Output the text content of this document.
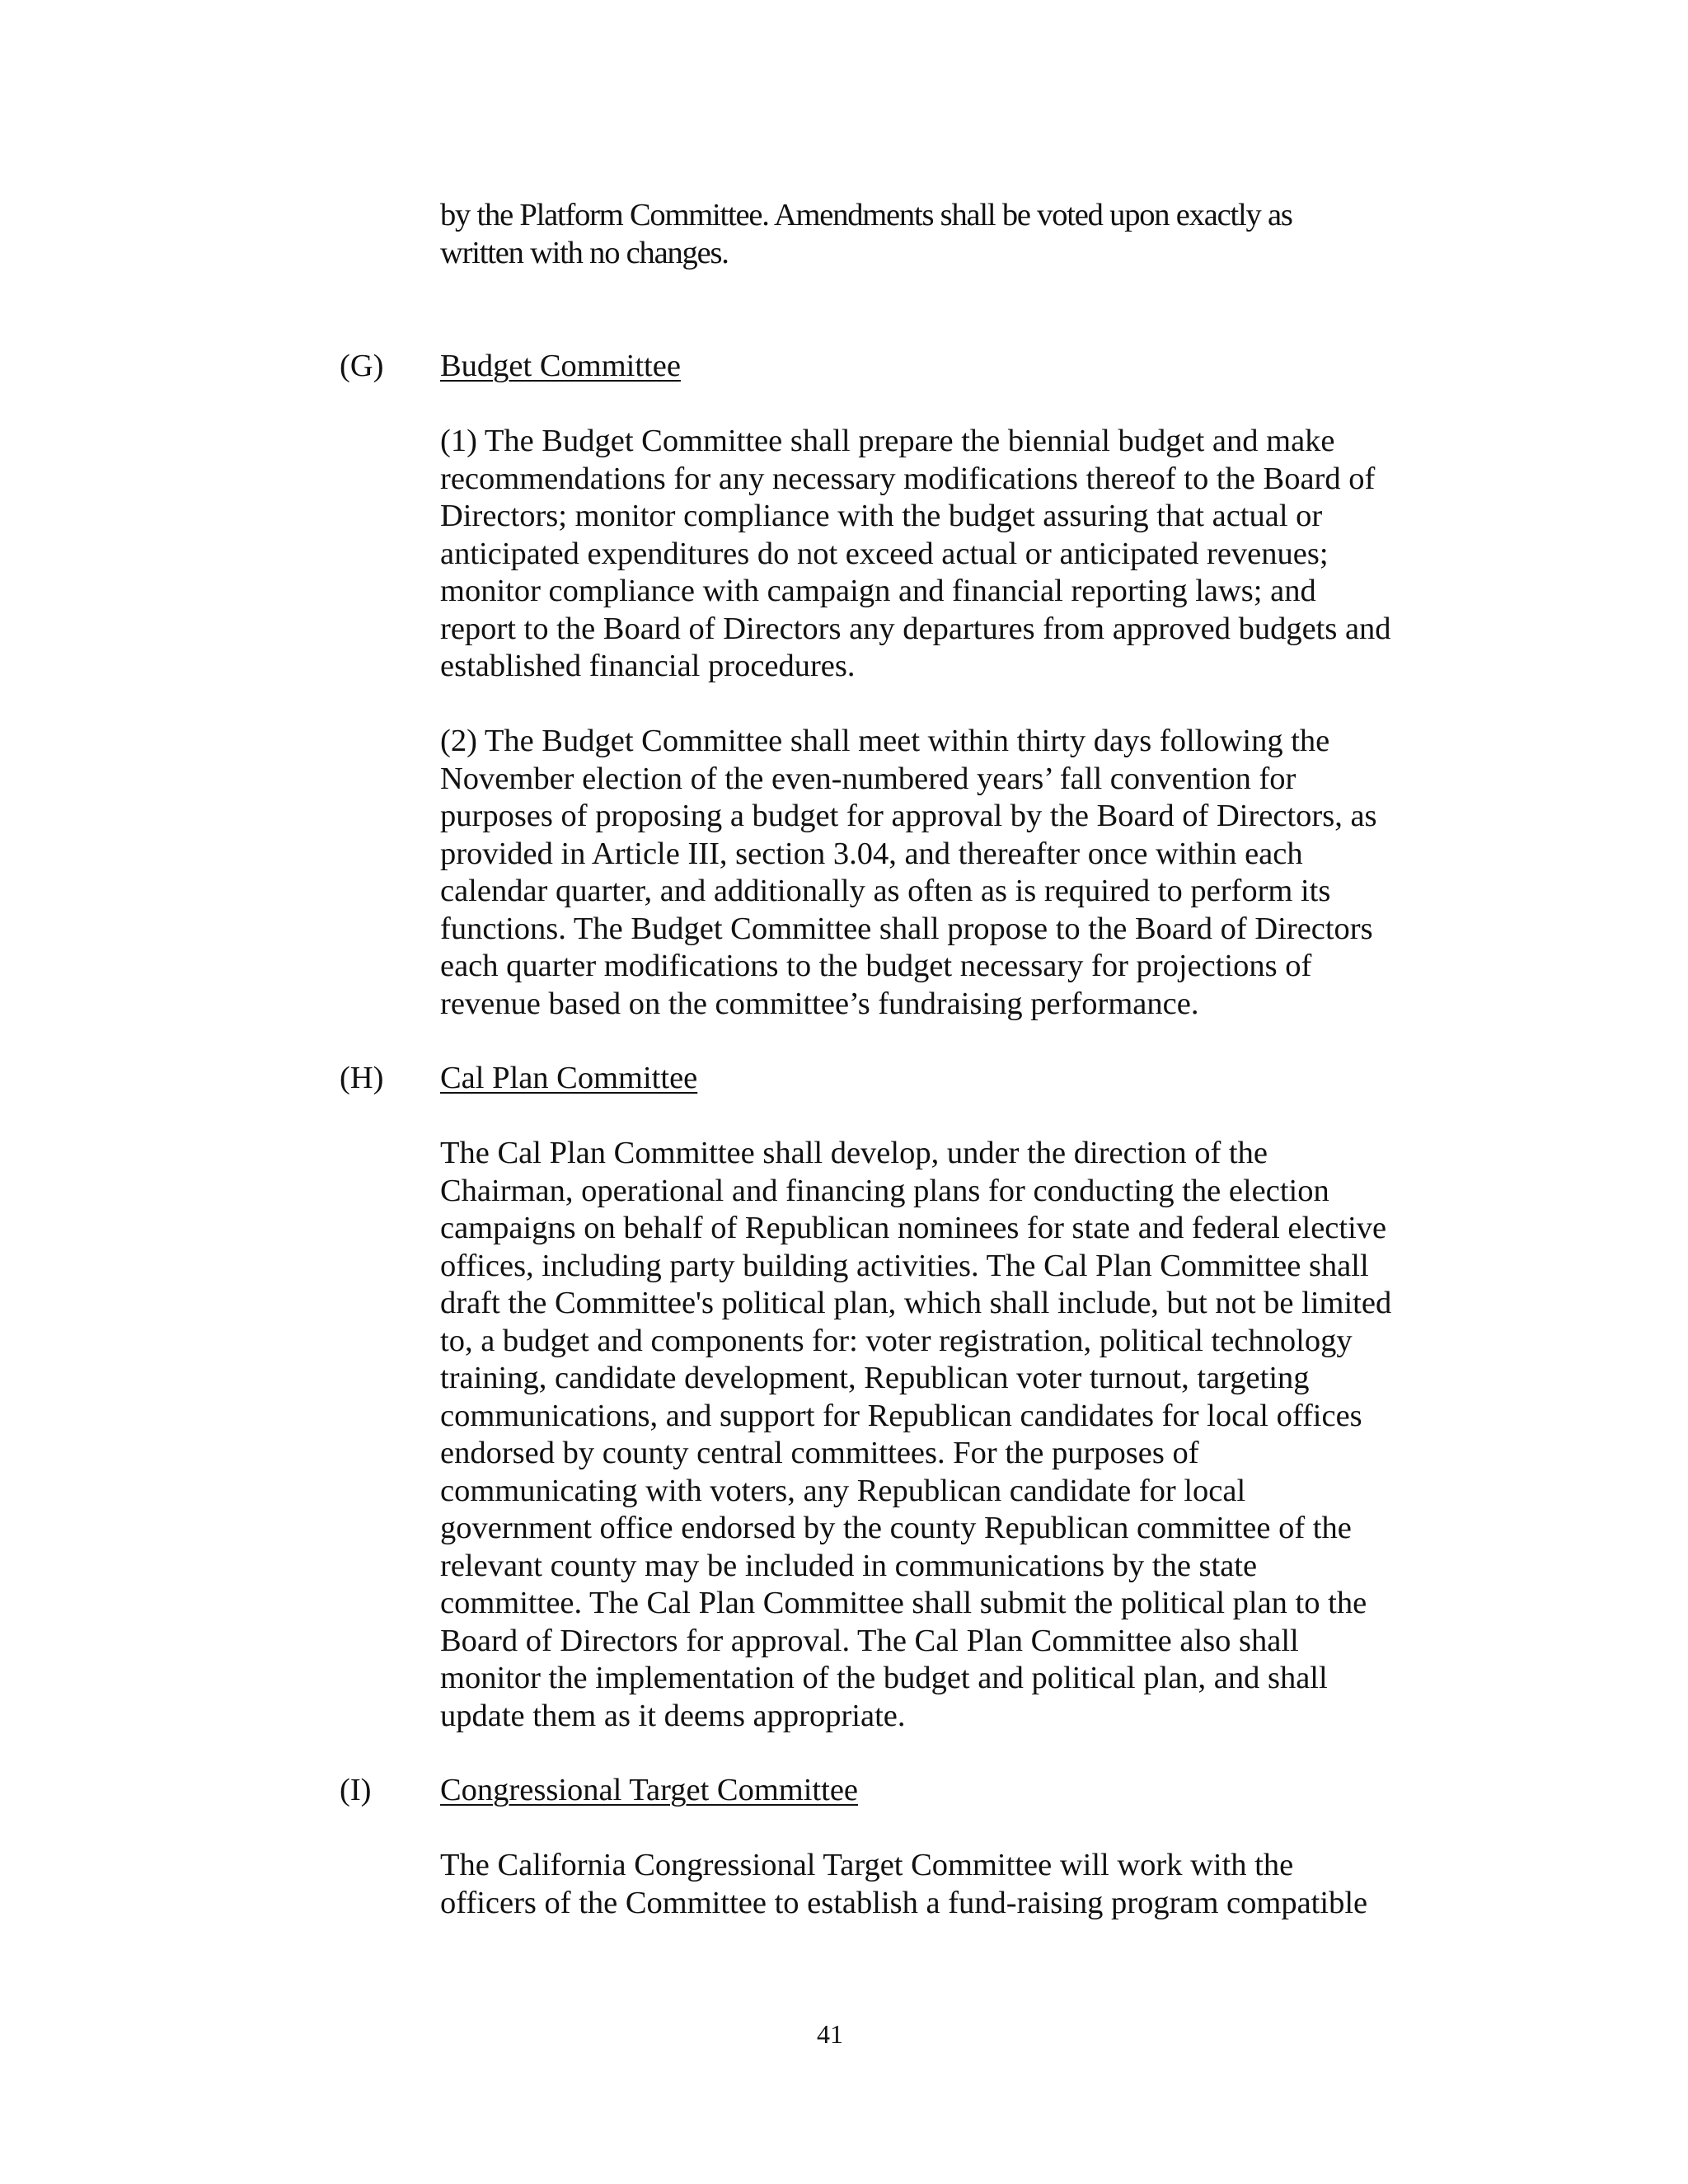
by the Platform Committee. Amendments shall be voted upon exactly as
written with no changes.
(G) Budget Committee
(1) The Budget Committee shall prepare the biennial budget and make
recommendations for any necessary modifications thereof to the Board of
Directors; monitor compliance with the budget assuring that actual or
anticipated expenditures do not exceed actual or anticipated revenues;
monitor compliance with campaign and financial reporting laws; and
report to the Board of Directors any departures from approved budgets and
established financial procedures.
(2) The Budget Committee shall meet within thirty days following the
November election of the even-numbered years’ fall convention for
purposes of proposing a budget for approval by the Board of Directors, as
provided in Article III, section 3.04, and thereafter once within each
calendar quarter, and additionally as often as is required to perform its
functions. The Budget Committee shall propose to the Board of Directors
each quarter modifications to the budget necessary for projections of
revenue based on the committee’s fundraising performance.
(H) Cal Plan Committee
The Cal Plan Committee shall develop, under the direction of the
Chairman, operational and financing plans for conducting the election
campaigns on behalf of Republican nominees for state and federal elective
offices, including party building activities. The Cal Plan Committee shall
draft the Committee's political plan, which shall include, but not be limited
to, a budget and components for: voter registration, political technology
training, candidate development, Republican voter turnout, targeting
communications, and support for Republican candidates for local offices
endorsed by county central committees. For the purposes of
communicating with voters, any Republican candidate for local
government office endorsed by the county Republican committee of the
relevant county may be included in communications by the state
committee. The Cal Plan Committee shall submit the political plan to the
Board of Directors for approval. The Cal Plan Committee also shall
monitor the implementation of the budget and political plan, and shall
update them as it deems appropriate.
(I) Congressional Target Committee
The California Congressional Target Committee will work with the
officers of the Committee to establish a fund-raising program compatible
41
